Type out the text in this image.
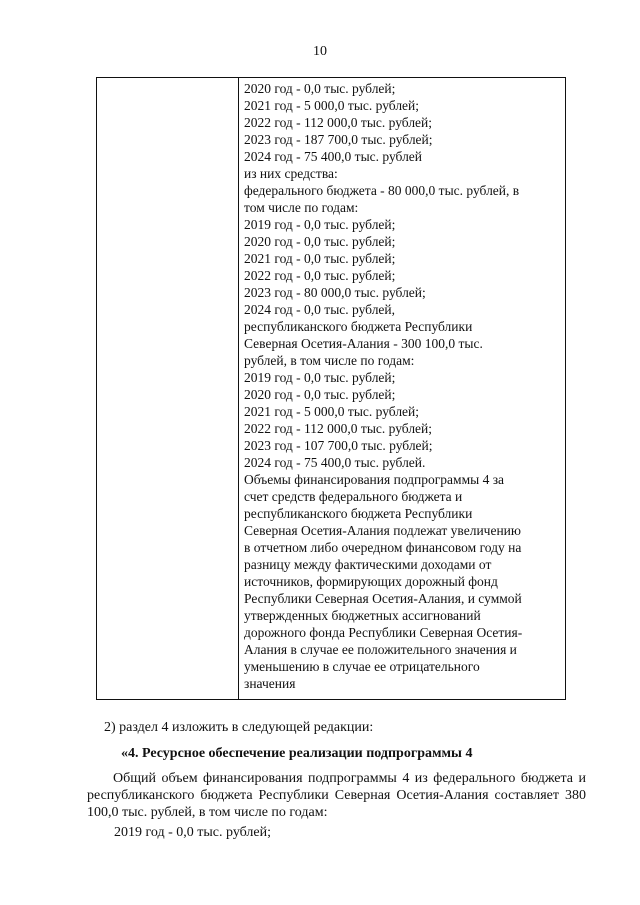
10
2020 год - 0,0 тыс. рублей;
2021 год - 5 000,0 тыс. рублей;
2022 год - 112 000,0 тыс. рублей;
2023 год - 187 700,0 тыс. рублей;
2024 год - 75 400,0 тыс. рублей
из них средства:
федерального бюджета - 80 000,0 тыс. рублей, в
том числе по годам:
2019 год - 0,0 тыс. рублей;
2020 год - 0,0 тыс. рублей;
2021 год - 0,0 тыс. рублей;
2022 год - 0,0 тыс. рублей;
2023 год - 80 000,0 тыс. рублей;
2024 год - 0,0 тыс. рублей,
республиканского бюджета Республики
Северная Осетия-Алания - 300 100,0 тыс.
рублей, в том числе по годам:
2019 год - 0,0 тыс. рублей;
2020 год - 0,0 тыс. рублей;
2021 год - 5 000,0 тыс. рублей;
2022 год - 112 000,0 тыс. рублей;
2023 год - 107 700,0 тыс. рублей;
2024 год - 75 400,0 тыс. рублей.
Объемы финансирования подпрограммы 4 за
счет средств федерального бюджета и
республиканского бюджета Республики
Северная Осетия-Алания подлежат увеличению
в отчетном либо очередном финансовом году на
разницу между фактическими доходами от
источников, формирующих дорожный фонд
Республики Северная Осетия-Алания, и суммой
утвержденных бюджетных ассигнований
дорожного фонда Республики Северная Осетия-
Алания в случае ее положительного значения и
уменьшению в случае ее отрицательного
значения
2) раздел 4 изложить в следующей редакции:
«4. Ресурсное обеспечение реализации подпрограммы 4
Общий объем финансирования подпрограммы 4 из федерального бюджета и республиканского бюджета Республики Северная Осетия-Алания составляет 380 100,0 тыс. рублей, в том числе по годам:
2019 год - 0,0 тыс. рублей;
